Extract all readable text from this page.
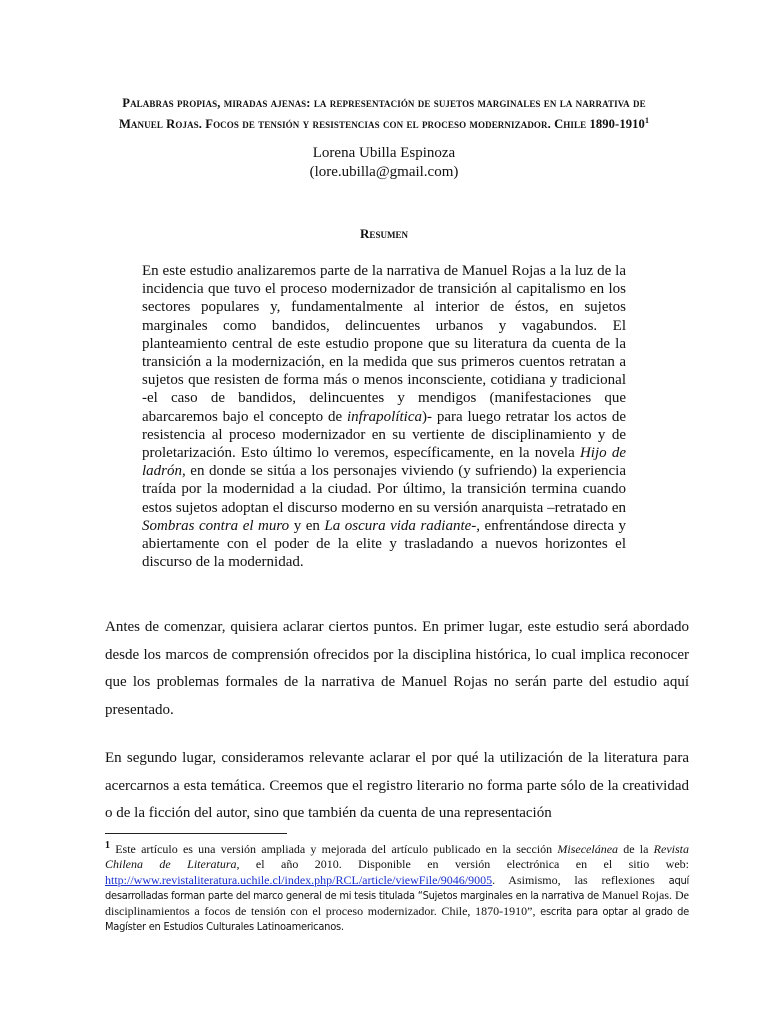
Palabras propias, miradas ajenas: la representación de sujetos marginales en la narrativa de Manuel Rojas. Focos de tensión y resistencias con el proceso modernizador. Chile 1890-1910$^1$
Lorena Ubilla Espinoza
(lore.ubilla@gmail.com)
Resumen

En este estudio analizaremos parte de la narrativa de Manuel Rojas a la luz de la incidencia que tuvo el proceso modernizador de transición al capitalismo en los sectores populares y, fundamentalmente al interior de éstos, en sujetos marginales como bandidos, delincuentes urbanos y vagabundos. El planteamiento central de este estudio propone que su literatura da cuenta de la transición a la modernización, en la medida que sus primeros cuentos retratan a sujetos que resisten de forma más o menos inconsciente, cotidiana y tradicional -el caso de bandidos, delincuentes y mendigos (manifestaciones que abarcaremos bajo el concepto de infrapolítica)- para luego retratar los actos de resistencia al proceso modernizador en su vertiente de disciplinamiento y de proletarización. Esto último lo veremos, específicamente, en la novela Hijo de ladrón, en donde se sitúa a los personajes viviendo (y sufriendo) la experiencia traída por la modernidad a la ciudad. Por último, la transición termina cuando estos sujetos adoptan el discurso moderno en su versión anarquista –retratado en Sombras contra el muro y en La oscura vida radiante-, enfrentándose directa y abiertamente con el poder de la elite y trasladando a nuevos horizontes el discurso de la modernidad.

Antes de comenzar, quisiera aclarar ciertos puntos. En primer lugar, este estudio será abordado desde los marcos de comprensión ofrecidos por la disciplina histórica, lo cual implica reconocer que los problemas formales de la narrativa de Manuel Rojas no serán parte del estudio aquí presentado.

En segundo lugar, consideramos relevante aclarar el por qué la utilización de la literatura para acercarnos a esta temática. Creemos que el registro literario no forma parte sólo de la creatividad o de la ficción del autor, sino que también da cuenta de una representación

$^1$ Este artículo es una versión ampliada y mejorada del artículo publicado en la sección Misecelánea de la Revista Chilena de Literatura, el año 2010. Disponible en versión electrónica en el sitio web: http://www.revistaliteratura.uchile.cl/index.php/RCL/article/viewFile/9046/9005. Asimismo, las reflexiones aquí desarrolladas forman parte del marco general de mi tesis titulada “Sujetos marginales en la narrativa de Manuel Rojas. De disciplinamientos a focos de tensión con el proceso modernizador. Chile, 1870-1910”, escrita para optar al grado de Magíster en Estudios Culturales Latinoamericanos.
